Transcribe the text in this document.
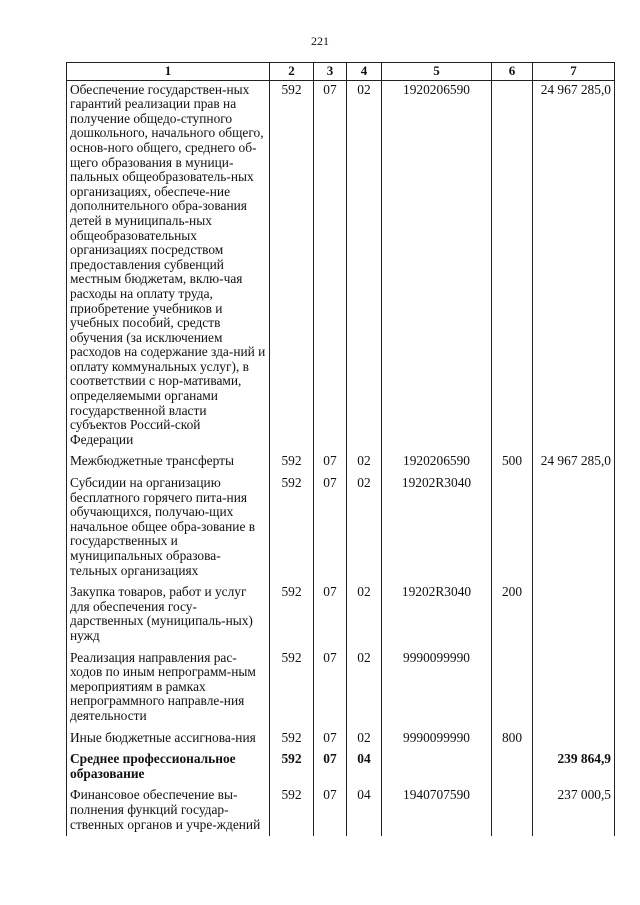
221
1	2	3	4	5	6	7
Обеспечение государствен-ных гарантий реализации прав на получение общедо-ступного дошкольного, начального общего, основ-ного общего, среднего об-щего образования в муници-пальных общеобразователь-ных организациях, обеспече-ние дополнительного обра-зования детей в муниципаль-ных общеобразовательных организациях посредством предоставления субвенций местным бюджетам, вклю-чая расходы на оплату труда, приобретение учебников и учебных пособий, средств обучения (за исключением расходов на содержание зда-ний и оплату коммунальных услуг), в соответствии с нор-мативами, определяемыми органами государственной власти субъектов Россий-ской Федерации	592	07	02	1920206590		24 967 285,0
Межбюджетные трансферты	592	07	02	1920206590	500	24 967 285,0
Субсидии на организацию бесплатного горячего пита-ния обучающихся, получаю-щих начальное общее обра-зование в государственных и муниципальных образова-тельных организациях	592	07	02	19202R3040		
Закупка товаров, работ и услуг для обеспечения госу-дарственных (муниципаль-ных) нужд	592	07	02	19202R3040	200	
Реализация направления рас-ходов по иным непрограмм-ным мероприятиям в рамках непрограммного направле-ния деятельности	592	07	02	9990099990		
Иные бюджетные ассигнова-ния	592	07	02	9990099990	800	
Среднее профессиональное образование	592	07	04			239 864,9
Финансовое обеспечение вы-полнения функций государ-ственных органов и учре-ждений	592	07	04	1940707590		237 000,5
